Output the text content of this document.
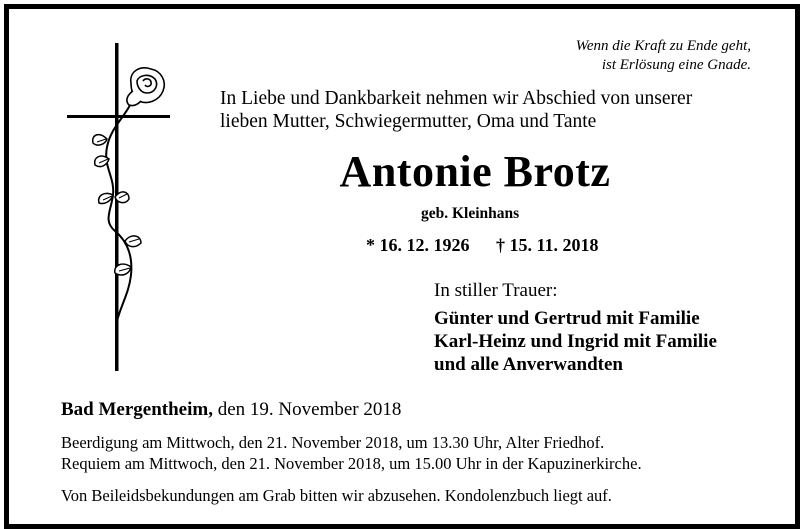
Wenn die Kraft zu Ende geht,
ist Erlösung eine Gnade.
In Liebe und Dankbarkeit nehmen wir Abschied von unserer
lieben Mutter, Schwiegermutter, Oma und Tante
Antonie Brotz
geb. Kleinhans
* 16. 12. 1926 † 15. 11. 2018
In stiller Trauer:
Günter und Gertrud mit Familie
Karl-Heinz und Ingrid mit Familie
und alle Anverwandten
Bad Mergentheim, den 19. November 2018
Beerdigung am Mittwoch, den 21. November 2018, um 13.30 Uhr, Alter Friedhof.
Requiem am Mittwoch, den 21. November 2018, um 15.00 Uhr in der Kapuzinerkirche.
Von Beileidsbekundungen am Grab bitten wir abzusehen. Kondolenzbuch liegt auf.
